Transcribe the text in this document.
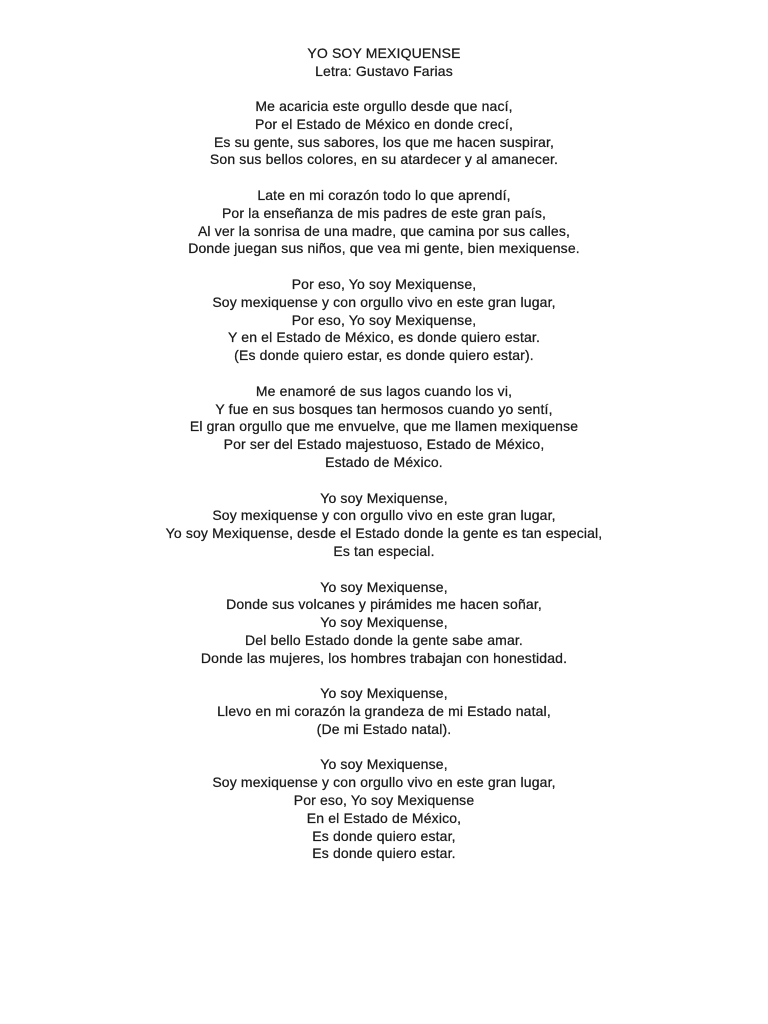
YO SOY MEXIQUENSE
Letra: Gustavo Farias
Me acaricia este orgullo desde que nací,
Por el Estado de México en donde crecí,
Es su gente, sus sabores, los que me hacen suspirar,
Son sus bellos colores, en su atardecer y al amanecer.
Late en mi corazón todo lo que aprendí,
Por la enseñanza de mis padres de este gran país,
Al ver la sonrisa de una madre, que camina por sus calles,
Donde juegan sus niños, que vea mi gente, bien mexiquense.
Por eso, Yo soy Mexiquense,
Soy mexiquense y con orgullo vivo en este gran lugar,
Por eso, Yo soy Mexiquense,
Y en el Estado de México, es donde quiero estar.
(Es donde quiero estar, es donde quiero estar).
Me enamoré de sus lagos cuando los vi,
Y fue en sus bosques tan hermosos cuando yo sentí,
El gran orgullo que me envuelve, que me llamen mexiquense
Por ser del Estado majestuoso, Estado de México,
Estado de México.
Yo soy Mexiquense,
Soy mexiquense y con orgullo vivo en este gran lugar,
Yo soy Mexiquense, desde el Estado donde la gente es tan especial,
Es tan especial.
Yo soy Mexiquense,
Donde sus volcanes y pirámides me hacen soñar,
Yo soy Mexiquense,
Del bello Estado donde la gente sabe amar.
Donde las mujeres, los hombres trabajan con honestidad.
Yo soy Mexiquense,
Llevo en mi corazón la grandeza de mi Estado natal,
(De mi Estado natal).
Yo soy Mexiquense,
Soy mexiquense y con orgullo vivo en este gran lugar,
Por eso, Yo soy Mexiquense
En el Estado de México,
Es donde quiero estar,
Es donde quiero estar.
